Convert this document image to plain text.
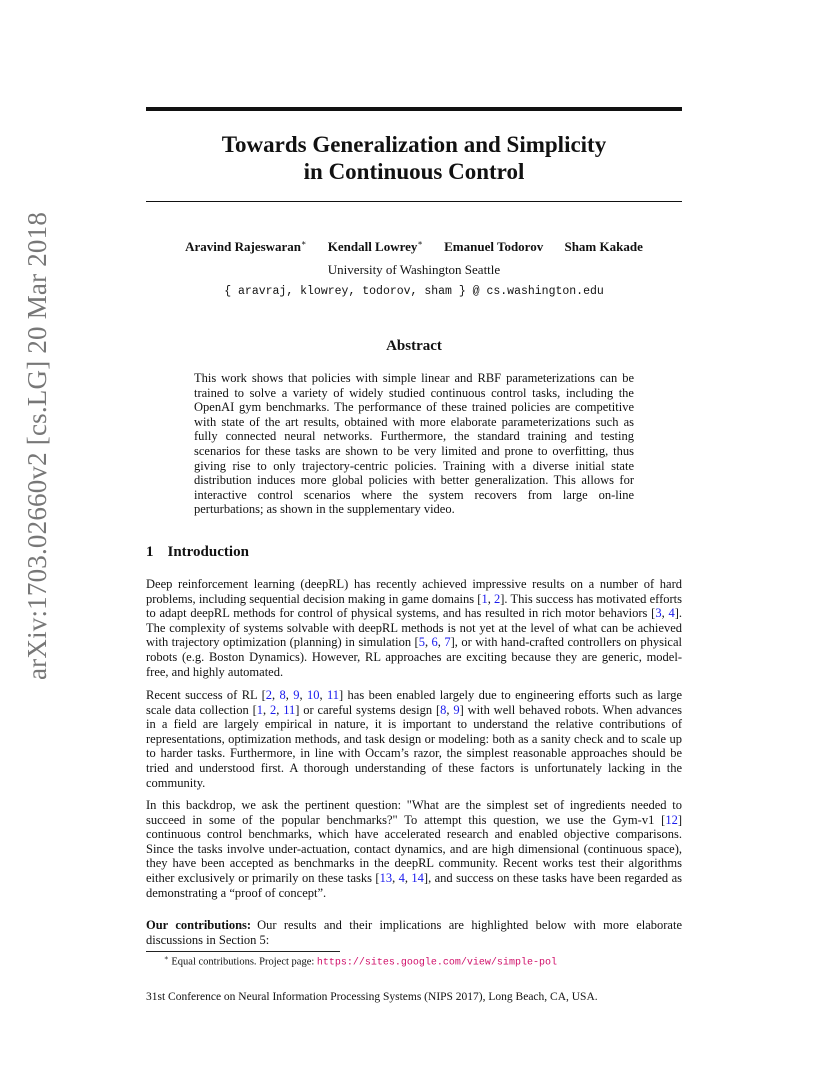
arXiv:1703.02660v2 [cs.LG] 20 Mar 2018
Towards Generalization and Simplicity
in Continuous Control
Aravind Rajeswaran∗ Kendall Lowrey∗ Emanuel Todorov Sham Kakade
University of Washington Seattle
{ aravraj, klowrey, todorov, sham } @ cs.washington.edu
Abstract

This work shows that policies with simple linear and RBF parameterizations can be trained to solve a variety of widely studied continuous control tasks, including the OpenAI gym benchmarks. The performance of these trained policies are competitive with state of the art results, obtained with more elaborate parameterizations such as fully connected neural networks. Furthermore, the standard training and testing scenarios for these tasks are shown to be very limited and prone to overfitting, thus giving rise to only trajectory-centric policies. Training with a diverse initial state distribution induces more global policies with better generalization. This allows for interactive control scenarios where the system recovers from large on-line perturbations; as shown in the supplementary video.

1 Introduction

Deep reinforcement learning (deepRL) has recently achieved impressive results on a number of hard problems, including sequential decision making in game domains [1, 2]. This success has motivated efforts to adapt deepRL methods for control of physical systems, and has resulted in rich motor behaviors [3, 4]. The complexity of systems solvable with deepRL methods is not yet at the level of what can be achieved with trajectory optimization (planning) in simulation [5, 6, 7], or with hand-crafted controllers on physical robots (e.g. Boston Dynamics). However, RL approaches are exciting because they are generic, model-free, and highly automated.

Recent success of RL [2, 8, 9, 10, 11] has been enabled largely due to engineering efforts such as large scale data collection [1, 2, 11] or careful systems design [8, 9] with well behaved robots. When advances in a field are largely empirical in nature, it is important to understand the relative contributions of representations, optimization methods, and task design or modeling: both as a sanity check and to scale up to harder tasks. Furthermore, in line with Occam’s razor, the simplest reasonable approaches should be tried and understood first. A thorough understanding of these factors is unfortunately lacking in the community.

In this backdrop, we ask the pertinent question: "What are the simplest set of ingredients needed to succeed in some of the popular benchmarks?" To attempt this question, we use the Gym-v1 [12] continuous control benchmarks, which have accelerated research and enabled objective comparisons. Since the tasks involve under-actuation, contact dynamics, and are high dimensional (continuous space), they have been accepted as benchmarks in the deepRL community. Recent works test their algorithms either exclusively or primarily on these tasks [13, 4, 14], and success on these tasks have been regarded as demonstrating a “proof of concept”.

Our contributions: Our results and their implications are highlighted below with more elaborate discussions in Section 5:

∗ Equal contributions. Project page: https://sites.google.com/view/simple-pol
31st Conference on Neural Information Processing Systems (NIPS 2017), Long Beach, CA, USA.
